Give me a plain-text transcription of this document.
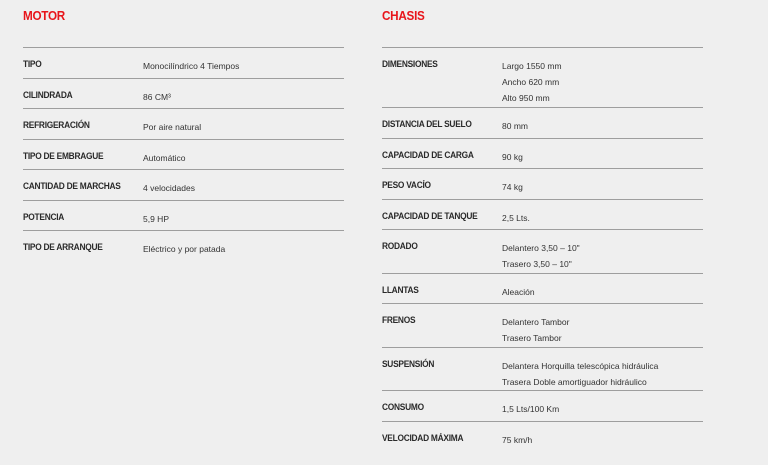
MOTOR
TIPO	Monocilíndrico 4 Tiempos
CILINDRADA	86 CM³
REFRIGERACIÓN	Por aire natural
TIPO DE EMBRAGUE	Automático
CANTIDAD DE MARCHAS	4 velocidades
POTENCIA	5,9 HP
TIPO DE ARRANQUE	Eléctrico y por patada
CHASIS
DIMENSIONES	Largo 1550 mm
Ancho 620 mm
Alto 950 mm
DISTANCIA DEL SUELO	80 mm
CAPACIDAD DE CARGA	90 kg
PESO VACÍO	74 kg
CAPACIDAD DE TANQUE	2,5 Lts.
RODADO	Delantero 3,50 – 10"
Trasero 3,50 – 10"
LLANTAS	Aleación
FRENOS	Delantero Tambor
Trasero Tambor
SUSPENSIÓN	Delantera Horquilla telescópica hidráulica
Trasera Doble amortiguador hidráulico
CONSUMO	1,5 Lts/100 Km
VELOCIDAD MÁXIMA	75 km/h
